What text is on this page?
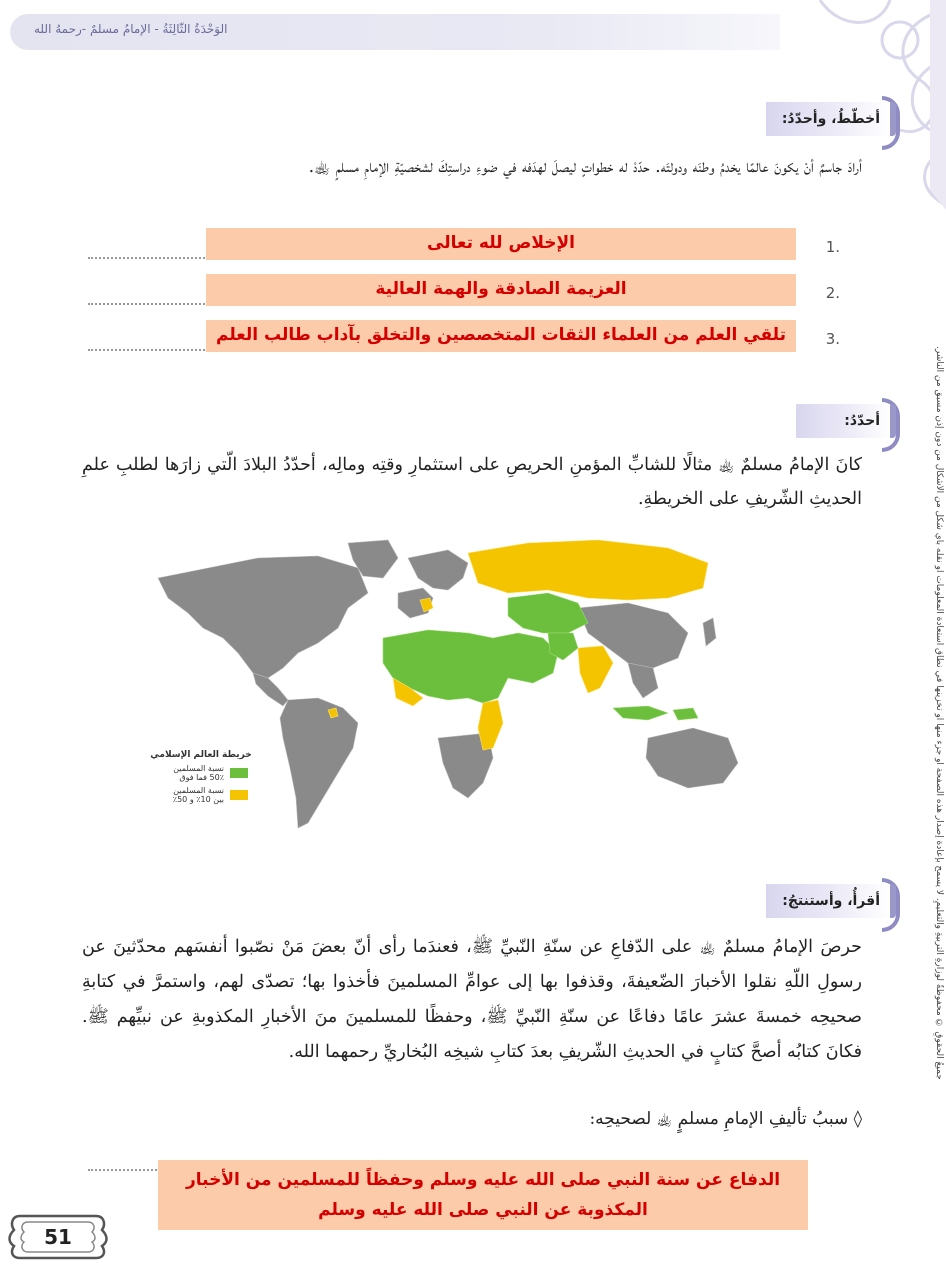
الوَحْدَةُ الثّالِثَةُ - الإمامُ مسلمٌ -رحمهُ الله
جميعُ الحقوقِ © محفوظةٌ لوزارةِ التربيةِ والتعليمِ. لا يسمح بإعادة إصدار هذه الصفحة أو جزء منها أو تخزينها في نطاق استعادة المعلومات أو نقله بأي شكل من الأشكال من دون إذن مسبق من الناشر.
أخطّطُ، وأحدّدُ:
أرادَ جاسمٌ أنْ يكونَ عالمًا يخدمُ وطنَه ودولتَه. حدّدْ له خطواتٍ ليصلَ لهدَفه في ضوءِ دراستِكَ لشخصيّةِ الإمامِ مسلمٍ ﵀.
1.
الإخلاص لله تعالى
2.
العزيمة الصادقة والهمة العالية
3.
تلقي العلم من العلماء الثقات المتخصصين والتخلق بآداب طالب العلم
أحدّدُ:
كانَ الإمامُ مسلمٌ ﵀ مثالًا للشابِّ المؤمنِ الحريصِ على استثمارِ وقتِه ومالِه، أحدّدُ البلادَ الّتي زارَها لطلبِ علمِ الحديثِ الشّريفِ على الخريطةِ.
خريطة العالم الإسلامي
نسبة المسلمين
50٪ فما فوق
نسبة المسلمين
بين 10٪ و 50٪
أقرأُ، وأستنتجُ:
حرصَ الإمامُ مسلمٌ ﵀ على الدّفاعِ عن سنّةِ النّبيِّ ﷺ، فعندَما رأى أنّ بعضَ مَنْ نصّبوا أنفسَهم محدّثينَ عن رسولِ اللّهِ نقلوا الأخبارَ الضّعيفةَ، وقذفوا بها إلى عوامِّ المسلمينَ فأخذوا بها؛ تصدّى لهم، واستمرَّ في كتابةِ صحيحِه خمسةَ عشرَ عامًا دفاعًا عن سنّةِ النّبيِّ ﷺ، وحفظًا للمسلمينَ منَ الأخبارِ المكذوبةِ عن نبيِّهم ﷺ. فكانَ كتابُه أصحَّ كتابٍ في الحديثِ الشّريفِ بعدَ كتابِ شيخِه البُخاريِّ رحمهما الله.
◊ سببُ تأليفِ الإمامِ مسلمٍ ﵀ لصحيحِه:
الدفاع عن سنة النبي صلى الله عليه وسلم وحفظاً للمسلمين من الأخبار
المكذوبة عن النبي صلى الله عليه وسلم
51
